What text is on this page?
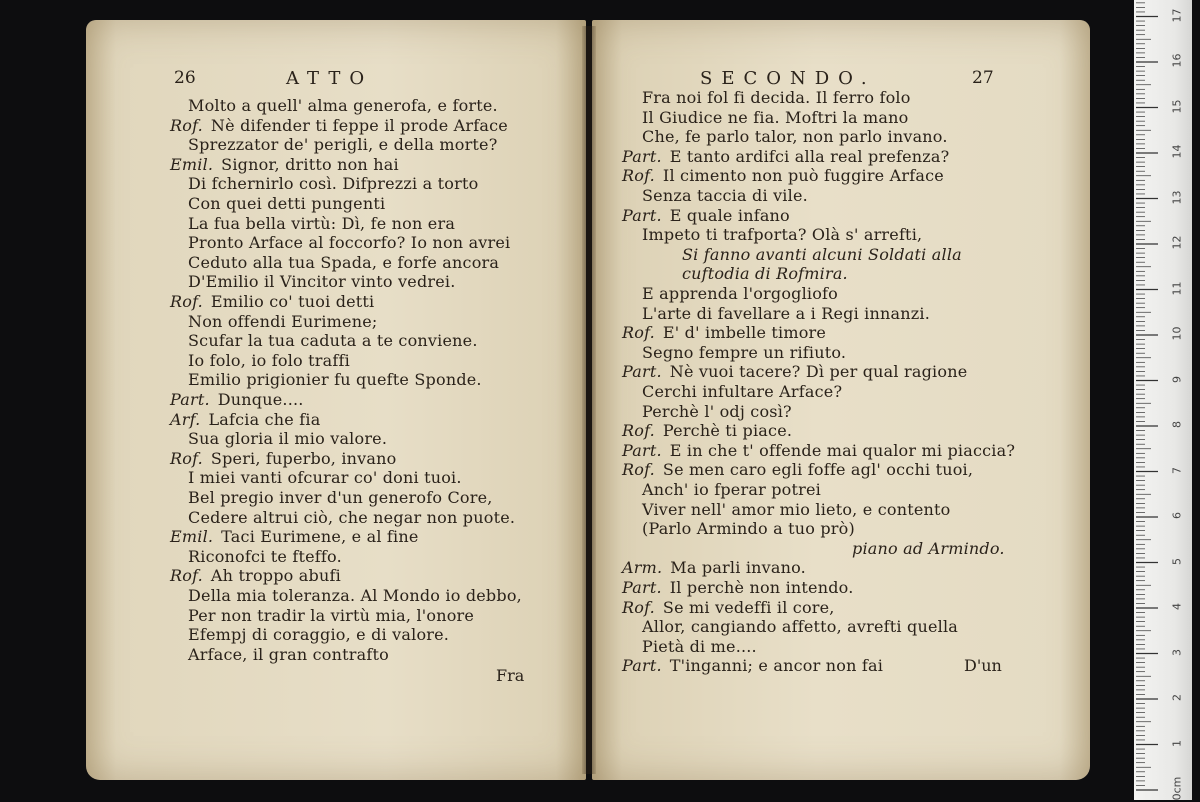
26	ATTO
Molto a quell' alma generofa, e forte.
Rof. Nè difender ti feppe il prode Arface
Sprezzator de' perigli, e della morte?
Emil. Signor, dritto non hai
Di fchernirlo così. Difprezzi a torto
Con quei detti pungenti
La fua bella virtù: Dì, fe non era
Pronto Arface al foccorfo? Io non avrei
Ceduto alla tua Spada, e forfe ancora
D'Emilio il Vincitor vinto vedrei.
Rof. Emilio co' tuoi detti
Non offendi Eurimene;
Scufar la tua caduta a te conviene.
Io folo, io folo traffi
Emilio prigionier fu quefte Sponde.
Part. Dunque....
Arf. Lafcia che fia
Sua gloria il mio valore.
Rof. Speri, fuperbo, invano
I miei vanti ofcurar co' doni tuoi.
Bel pregio inver d'un generofo Core,
Cedere altrui ciò, che negar non puote.
Emil. Taci Eurimene, e al fine
Riconofci te fteffo.
Rof. Ah troppo abufi
Della mia toleranza. Al Mondo io debbo,
Per non tradir la virtù mia, l'onore
Efempj di coraggio, e di valore.
Arface, il gran contrafto
Fra
SECONDO.	27
Fra noi fol fi decida. Il ferro folo
Il Giudice ne fia. Moftri la mano
Che, fe parlo talor, non parlo invano.
Part. E tanto ardifci alla real prefenza?
Rof. Il cimento non può fuggire Arface
Senza taccia di vile.
Part. E quale infano
Impeto ti trafporta? Olà s' arrefti,
Si fanno avanti alcuni Soldati alla
cuftodia di Rofmira.
E apprenda l'orgogliofo
L'arte di favellare a i Regi innanzi.
Rof. E' d' imbelle timore
Segno fempre un rifiuto.
Part. Nè vuoi tacere? Dì per qual ragione
Cerchi infultare Arface?
Perchè l' odj così?
Rof. Perchè ti piace.
Part. E in che t' offende mai qualor mi piaccia?
Rof. Se men caro egli foffe agl' occhi tuoi,
Anch' io fperar potrei
Viver nell' amor mio lieto, e contento
(Parlo Armindo a tuo prò)
piano ad Armindo.
Arm. Ma parli invano.
Part. Il perchè non intendo.
Rof. Se mi vedeffi il core,
Allor, cangiando affetto, avrefti quella
Pietà di me....
Part. T'inganni; e ancor non fai	D'un
0cm
1
2
3
4
5
6
7
8
9
10
11
12
13
14
15
16
17
